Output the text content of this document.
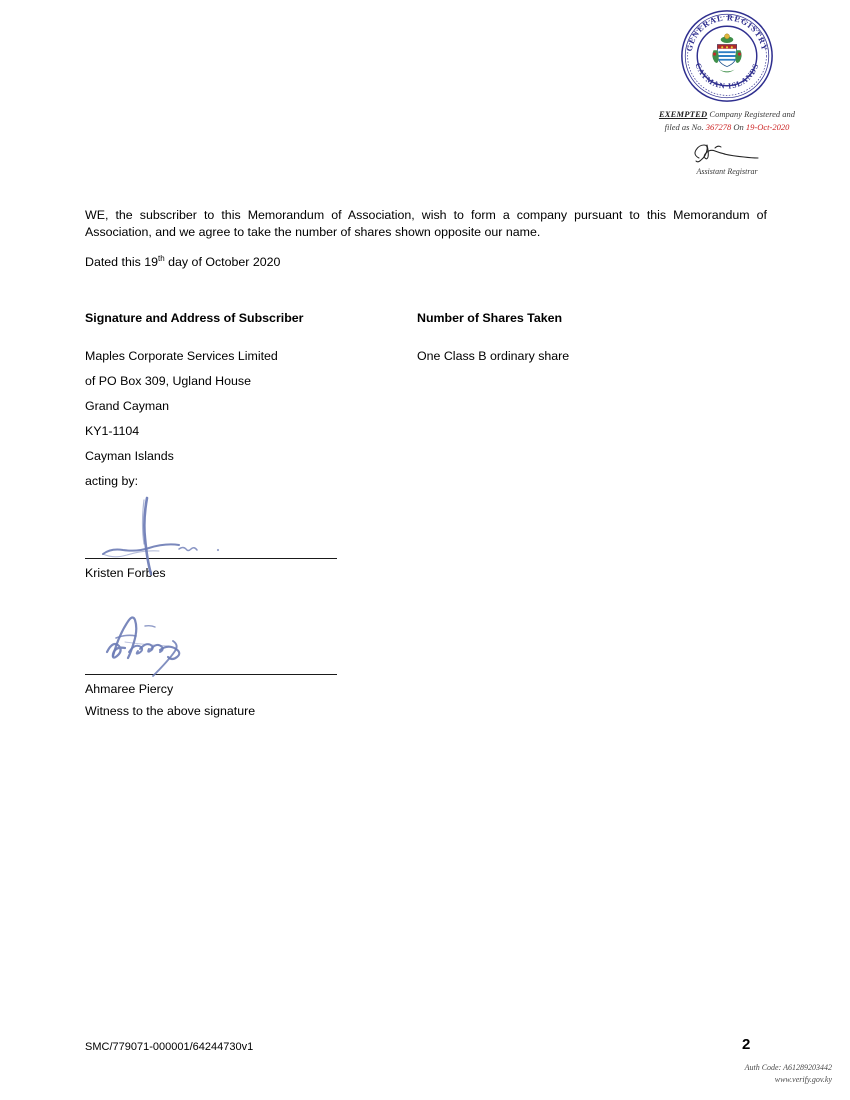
GENERAL REGISTRY
CAYMAN ISLANDS
EXEMPTED Company Registered and
filed as No. 367278 On 19-Oct-2020
Assistant Registrar
WE, the subscriber to this Memorandum of Association, wish to form a company pursuant to this Memorandum of Association, and we agree to take the number of shares shown opposite our name.
Dated this 19th day of October 2020
Signature and Address of Subscriber	Number of Shares Taken
Maples Corporate Services Limited
of PO Box 309, Ugland House
Grand Cayman
KY1-1104
Cayman Islands
acting by:
One Class B ordinary share
Kristen Forbes
Ahmaree Piercy
Witness to the above signature
SMC/779071-000001/64244730v1	2
Auth Code: A61289203442
www.verify.gov.ky
